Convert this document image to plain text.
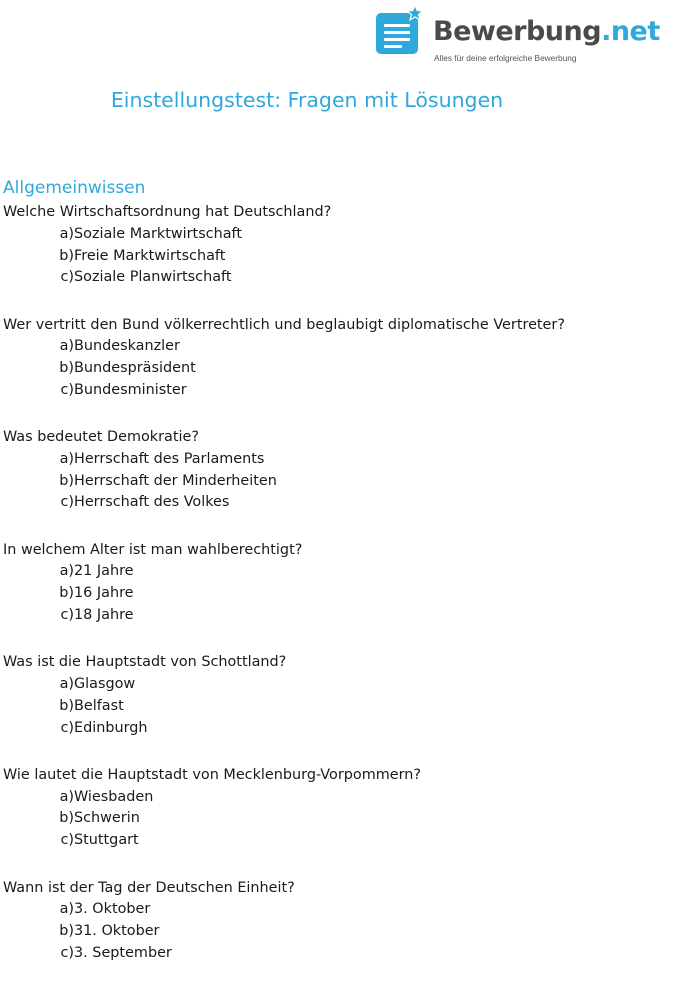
Bewerbung.net
Alles für deine erfolgreiche Bewerbung
Einstellungstest: Fragen mit Lösungen
Allgemeinwissen

Welche Wirtschaftsordnung hat Deutschland?

a)
Soziale Marktwirtschaft
b)
Freie Marktwirtschaft
c)
Soziale Planwirtschaft

Wer vertritt den Bund völkerrechtlich und beglaubigt diplomatische Vertreter?

a)
Bundeskanzler
b)
Bundespräsident
c)
Bundesminister

Was bedeutet Demokratie?

a)
Herrschaft des Parlaments
b)
Herrschaft der Minderheiten
c)
Herrschaft des Volkes

In welchem Alter ist man wahlberechtigt?

a)
21 Jahre
b)
16 Jahre
c)
18 Jahre

Was ist die Hauptstadt von Schottland?

a)
Glasgow
b)
Belfast
c)
Edinburgh

Wie lautet die Hauptstadt von Mecklenburg-Vorpommern?

a)
Wiesbaden
b)
Schwerin
c)
Stuttgart

Wann ist der Tag der Deutschen Einheit?

a)
3. Oktober
b)
31. Oktober
c)
3. September
